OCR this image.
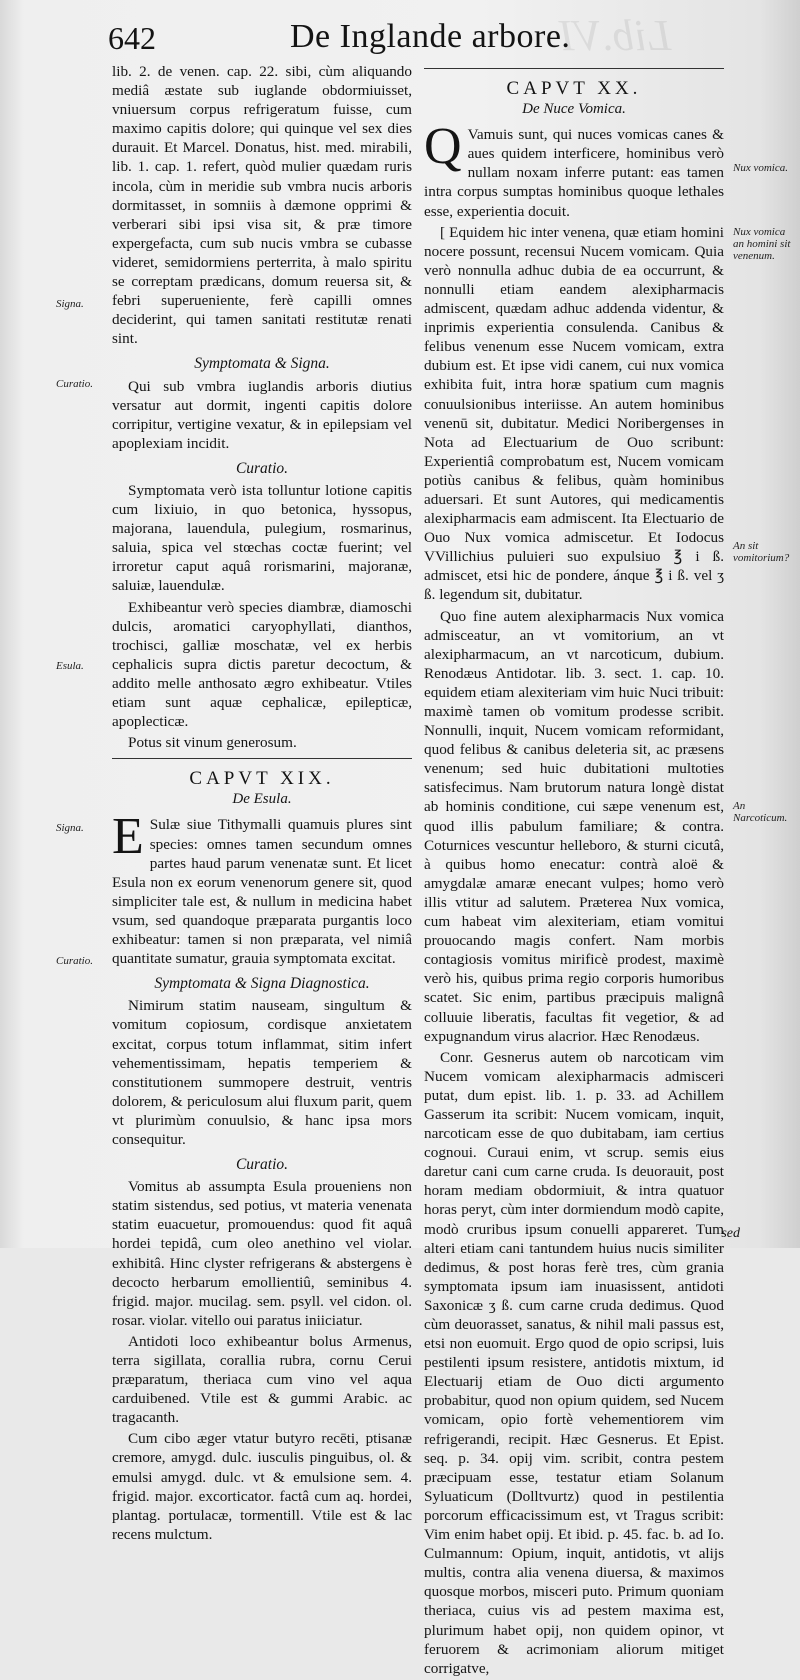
Lib.VI
642	De Inglande arbore.

lib. 2. de venen. cap. 22. sibi, cùm aliquando mediâ æstate sub iuglande obdormiuisset, vniuersum corpus refrigeratum fuisse, cum maximo capitis dolore; qui quinque vel sex dies durauit. Et Marcel. Donatus, hist. med. mirabili, lib. 1. cap. 1. refert, quòd mulier quædam ruris incola, cùm in meridie sub vmbra nucis arboris dormitasset, in somniis à dæmone opprimi & verberari sibi ipsi visa sit, & præ timore expergefacta, cum sub nucis vmbra se cubasse videret, semidormiens perterrita, à malo spiritu se correptam prædicans, domum reuersa sit, & febri superueniente, ferè capilli omnes deciderint, qui tamen sanitati restitutæ renati sint.

Symptomata & Signa.

Qui sub vmbra iuglandis arboris diutius versatur aut dormit, ingenti capitis dolore corripitur, vertigine vexatur, & in epilepsiam vel apoplexiam incidit.

Curatio.

Symptomata verò ista tolluntur lotione capitis cum lixiuio, in quo betonica, hyssopus, majorana, lauendula, pulegium, rosmarinus, saluia, spica vel stœchas coctæ fuerint; vel irroretur caput aquâ rorismarini, majoranæ, saluiæ, lauendulæ.

Exhibeantur verò species diambræ, diamoschi dulcis, aromatici caryophyllati, dianthos, trochisci, galliæ moschatæ, vel ex herbis cephalicis supra dictis paretur decoctum, & addito melle anthosato ægro exhibeatur. Vtiles etiam sunt aquæ cephalicæ, epilepticæ, apoplecticæ.

Potus sit vinum generosum.

CAPVT XIX.
De Esula.

E Sulæ siue Tithymalli quamuis plures sint species: omnes tamen secundum omnes partes haud parum venenatæ sunt. Et licet Esula non ex eorum venenorum genere sit, quod simpliciter tale est, & nullum in medicina habet vsum, sed quandoque præparata purgantis loco exhibeatur: tamen si non præparata, vel nimiâ quantitate sumatur, grauia symptomata excitat.

Symptomata & Signa Diagnostica.

Nimirum statim nauseam, singultum & vomitum copiosum, cordisque anxietatem excitat, corpus totum inflammat, sitim infert vehementissimam, hepatis temperiem & constitutionem summopere destruit, ventris dolorem, & periculosum alui fluxum parit, quem vt plurimùm conuulsio, & hanc ipsa mors consequitur.

Curatio.

Vomitus ab assumpta Esula proueniens non statim sistendus, sed potius, vt materia venenata statim euacuetur, promouendus: quod fit aquâ hordei tepidâ, cum oleo anethino vel violar. exhibitâ. Hinc clyster refrigerans & abstergens è decocto herbarum emollientiû, seminibus 4. frigid. major. mucilag. sem. psyll. vel cidon. ol. rosar. violar. vitello oui paratus iniiciatur.

Antidoti loco exhibeantur bolus Armenus, terra sigillata, corallia rubra, cornu Cerui præparatum, theriaca cum vino vel aqua carduibened. Vtile est & gummi Arabic. ac tragacanth.

Cum cibo æger vtatur butyro recēti, ptisanæ cremore, amygd. dulc. iusculis pinguibus, ol. & emulsi amygd. dulc. vt & emulsione sem. 4. frigid. major. excorticator. factâ cum aq. hordei, plantag. portulacæ, tormentill. Vtile est & lac recens mulctum.

CAPVT XX.
De Nuce Vomica.

Q Vamuis sunt, qui nuces vomicas canes & aues quidem interficere, hominibus verò nullam noxam inferre putant: eas tamen intra corpus sumptas hominibus quoque lethales esse, experientia docuit.

[ Equidem hic inter venena, quæ etiam homini nocere possunt, recensui Nucem vomicam. Quia verò nonnulla adhuc dubia de ea occurrunt, & nonnulli etiam eandem alexipharmacis admiscent, quædam adhuc addenda videntur, & inprimis experientia consulenda. Canibus & felibus venenum esse Nucem vomicam, extra dubium est. Et ipse vidi canem, cui nux vomica exhibita fuit, intra horæ spatium cum magnis conuulsionibus interiisse. An autem hominibus venenū sit, dubitatur. Medici Noribergenses in Nota ad Electuarium de Ouo scribunt: Experientiâ comprobatum est, Nucem vomicam potiùs canibus & felibus, quàm hominibus aduersari. Et sunt Autores, qui medicamentis alexipharmacis eam admiscent. Ita Electuario de Ouo Nux vomica admiscetur. Et Iodocus VVillichius puluieri suo expulsiuo ℥ i ß. admiscet, etsi hic de pondere, ánque ℥ i ß. vel ʒ ß. legendum sit, dubitatur.

Quo fine autem alexipharmacis Nux vomica admisceatur, an vt vomitorium, an vt alexipharmacum, an vt narcoticum, dubium. Renodæus Antidotar. lib. 3. sect. 1. cap. 10. equidem etiam alexiteriam vim huic Nuci tribuit: maximè tamen ob vomitum prodesse scribit. Nonnulli, inquit, Nucem vomicam reformidant, quod felibus & canibus deleteria sit, ac præsens venenum; sed huic dubitationi multoties satisfecimus. Nam brutorum natura longè distat ab hominis conditione, cui sæpe venenum est, quod illis pabulum familiare; & contra. Coturnices vescuntur helleboro, & sturni cicutâ, à quibus homo enecatur: contrà aloë & amygdalæ amaræ enecant vulpes; homo verò illis vtitur ad salutem. Præterea Nux vomica, cum habeat vim alexiteriam, etiam vomitui prouocando magis confert. Nam morbis contagiosis vomitus mirificè prodest, maximè verò his, quibus prima regio corporis humoribus scatet. Sic enim, partibus præcipuis malignâ colluuie liberatis, facultas fit vegetior, & ad expugnandum virus alacrior. Hæc Renodæus.

Conr. Gesnerus autem ob narcoticam vim Nucem vomicam alexipharmacis admisceri putat, dum epist. lib. 1. p. 33. ad Achillem Gasserum ita scribit: Nucem vomicam, inquit, narcoticam esse de quo dubitabam, iam certius cognoui. Curaui enim, vt scrup. semis eius daretur cani cum carne cruda. Is deuorauit, post horam mediam obdormiuit, & intra quatuor horas peryt, cùm inter dormiendum modò capite, modò cruribus ipsum conuelli appareret. Tum alteri etiam cani tantundem huius nucis similiter dedimus, & post horas ferè tres, cùm grania symptomata ipsum iam inuasissent, antidoti Saxonicæ ʒ ß. cum carne cruda dedimus. Quod cùm deuorasset, sanatus, & nihil mali passus est, etsi non euomuit. Ergo quod de opio scripsi, luis pestilenti ipsum resistere, antidotis mixtum, id Electuarij etiam de Ouo dicti argumento probabitur, quod non opium quidem, sed Nucem vomicam, opio fortè vehementiorem vim refrigerandi, recipit. Hæc Gesnerus. Et Epist. seq. p. 34. opij vim. scribit, contra pestem præcipuam esse, testatur etiam Solanum Syluaticum (Dolltvurtz) quod in pestilentia porcorum efficacissimum est, vt Tragus scribit: Vim enim habet opij. Et ibid. p. 45. fac. b. ad Io. Culmannum: Opium, inquit, antidotis, vt alijs multis, contra alia venena diuersa, & maximos quosque morbos, misceri puto. Primum quoniam theriaca, cuius vis ad pestem maxima est, plurimum habet opij, non quidem opinor, vt feruorem & acrimoniam aliorum mitiget corrigatve,

Signa.
Curatio.
Esula.
Signa.
Curatio.
Nux vomica.
Nux vomica an homini sit venenum.
An sit vomitorium?
An Narcoticum.
sed
